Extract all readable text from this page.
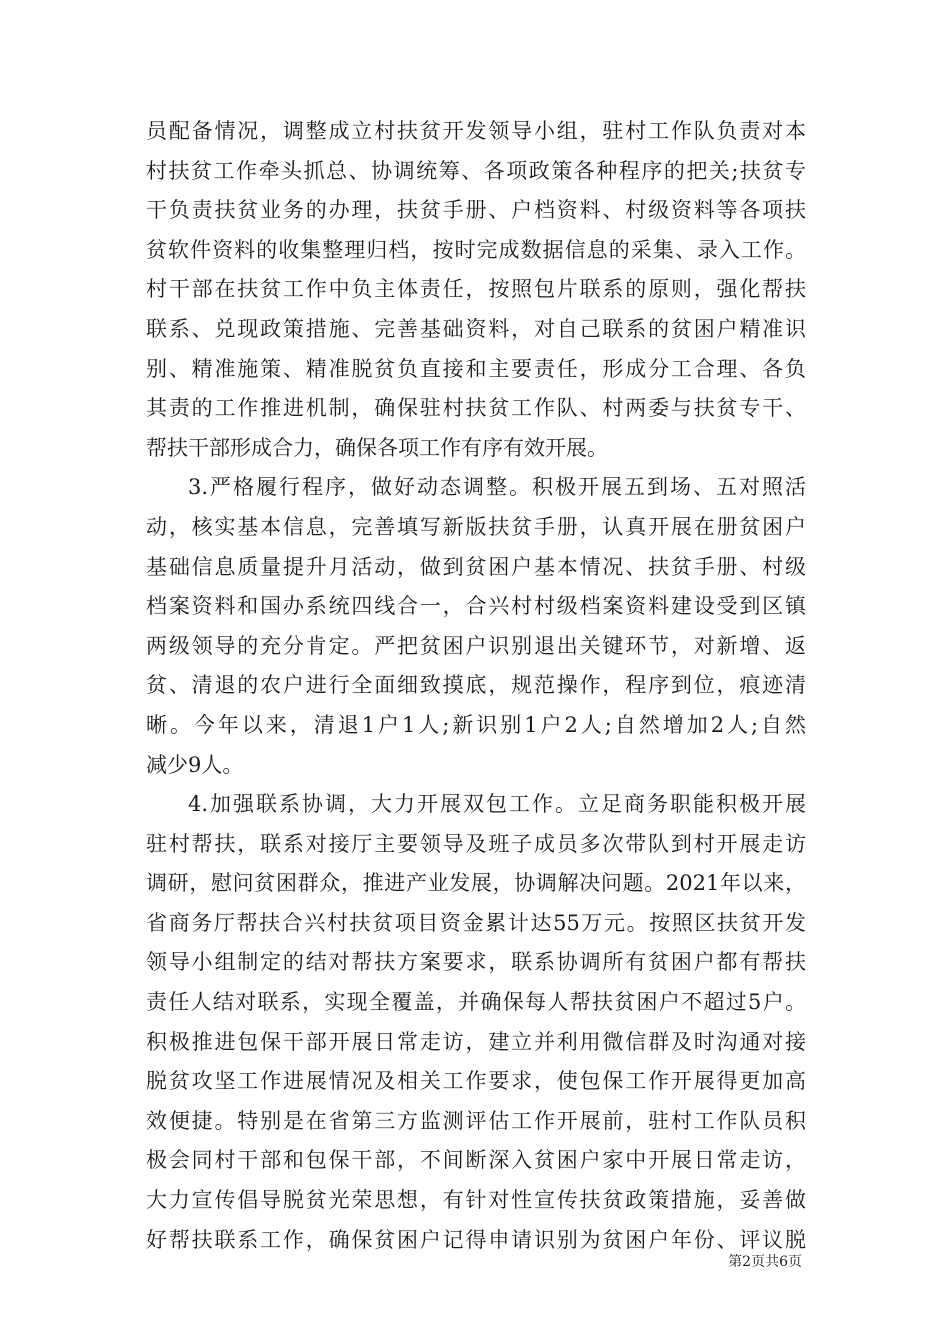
员配备情况，调整成立村扶贫开发领导小组，驻村工作队负责对本
村扶贫工作牵头抓总、协调统筹、各项政策各种程序的把关;扶贫专
干负责扶贫业务的办理，扶贫手册、户档资料、村级资料等各项扶
贫软件资料的收集整理归档，按时完成数据信息的采集、录入工作。
村干部在扶贫工作中负主体责任，按照包片联系的原则，强化帮扶
联系、兑现政策措施、完善基础资料，对自己联系的贫困户精准识
别、精准施策、精准脱贫负直接和主要责任，形成分工合理、各负
其责的工作推进机制，确保驻村扶贫工作队、村两委与扶贫专干、
帮扶干部形成合力，确保各项工作有序有效开展。
3.严格履行程序，做好动态调整。积极开展五到场、五对照活
动，核实基本信息，完善填写新版扶贫手册，认真开展在册贫困户
基础信息质量提升月活动，做到贫困户基本情况、扶贫手册、村级
档案资料和国办系统四线合一，合兴村村级档案资料建设受到区镇
两级领导的充分肯定。严把贫困户识别退出关键环节，对新增、返
贫、清退的农户进行全面细致摸底，规范操作，程序到位，痕迹清
晰。今年以来，清退1户1人;新识别1户2人;自然增加2人;自然
减少9人。
4.加强联系协调，大力开展双包工作。立足商务职能积极开展
驻村帮扶，联系对接厅主要领导及班子成员多次带队到村开展走访
调研，慰问贫困群众，推进产业发展，协调解决问题。2021年以来，
省商务厅帮扶合兴村扶贫项目资金累计达55万元。按照区扶贫开发
领导小组制定的结对帮扶方案要求，联系协调所有贫困户都有帮扶
责任人结对联系，实现全覆盖，并确保每人帮扶贫困户不超过5户。
积极推进包保干部开展日常走访，建立并利用微信群及时沟通对接
脱贫攻坚工作进展情况及相关工作要求，使包保工作开展得更加高
效便捷。特别是在省第三方监测评估工作开展前，驻村工作队员积
极会同村干部和包保干部，不间断深入贫困户家中开展日常走访，
大力宣传倡导脱贫光荣思想，有针对性宣传扶贫政策措施，妥善做
好帮扶联系工作，确保贫困户记得申请识别为贫困户年份、评议脱
第2页共6页
